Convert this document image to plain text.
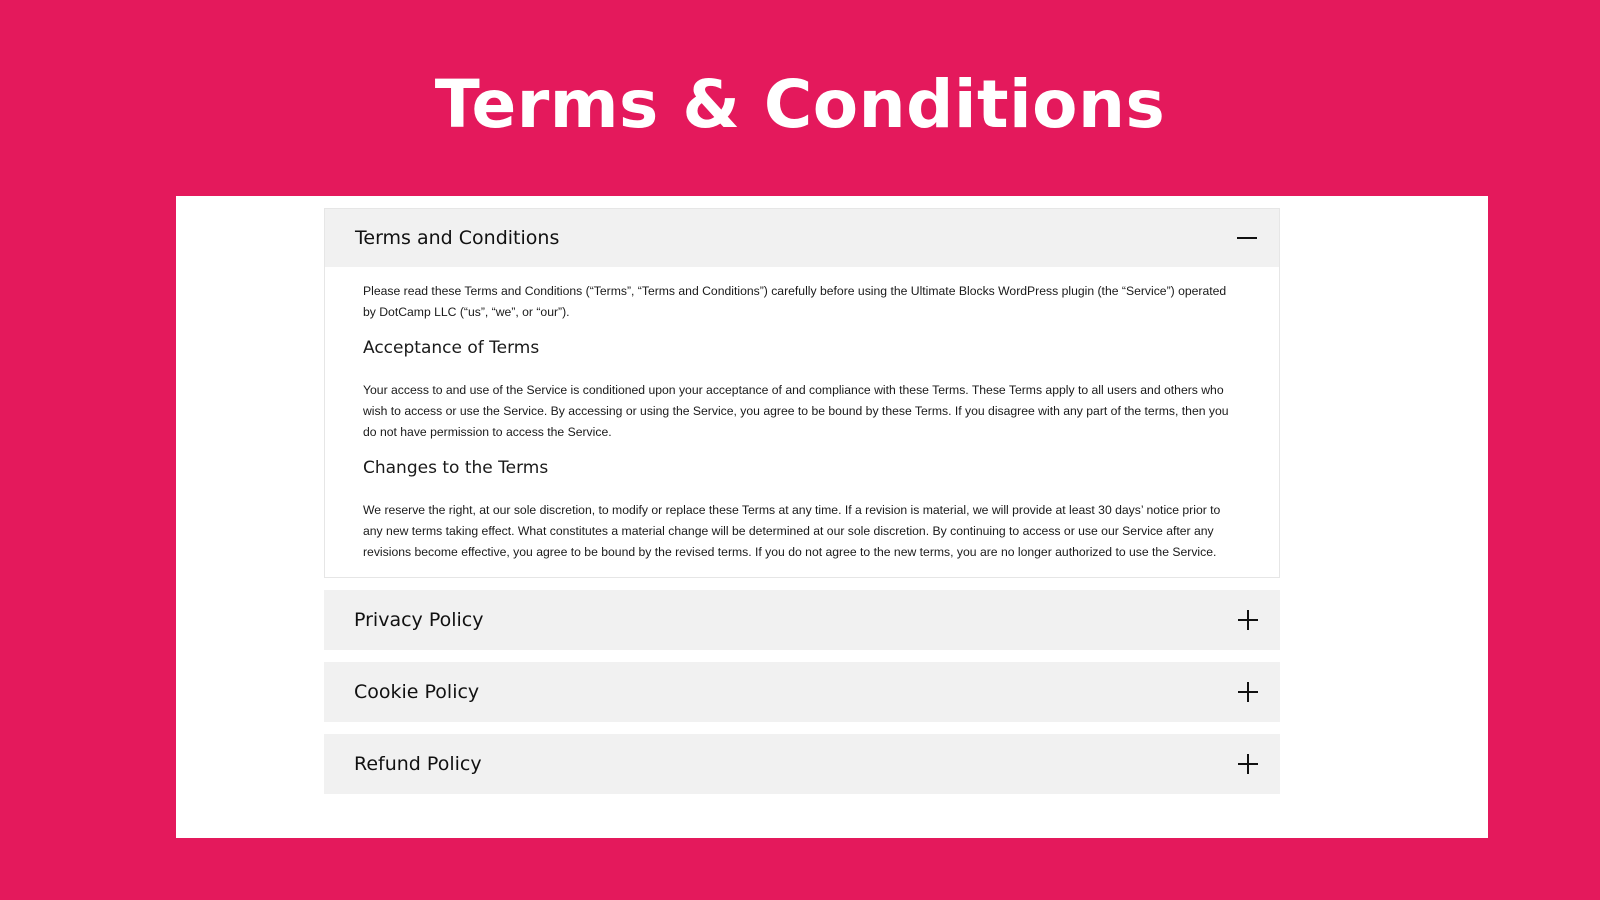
Terms & Conditions
Terms and Conditions

Please read these Terms and Conditions (“Terms”, “Terms and Conditions”) carefully before using the Ultimate Blocks WordPress plugin (the “Service”) operated by DotCamp LLC (“us”, “we”, or “our”).

Acceptance of Terms

Your access to and use of the Service is conditioned upon your acceptance of and compliance with these Terms. These Terms apply to all users and others who wish to access or use the Service. By accessing or using the Service, you agree to be bound by these Terms. If you disagree with any part of the terms, then you do not have permission to access the Service.

Changes to the Terms

We reserve the right, at our sole discretion, to modify or replace these Terms at any time. If a revision is material, we will provide at least 30 days’ notice prior to any new terms taking effect. What constitutes a material change will be determined at our sole discretion. By continuing to access or use our Service after any revisions become effective, you agree to be bound by the revised terms. If you do not agree to the new terms, you are no longer authorized to use the Service.

Privacy Policy
Cookie Policy
Refund Policy
